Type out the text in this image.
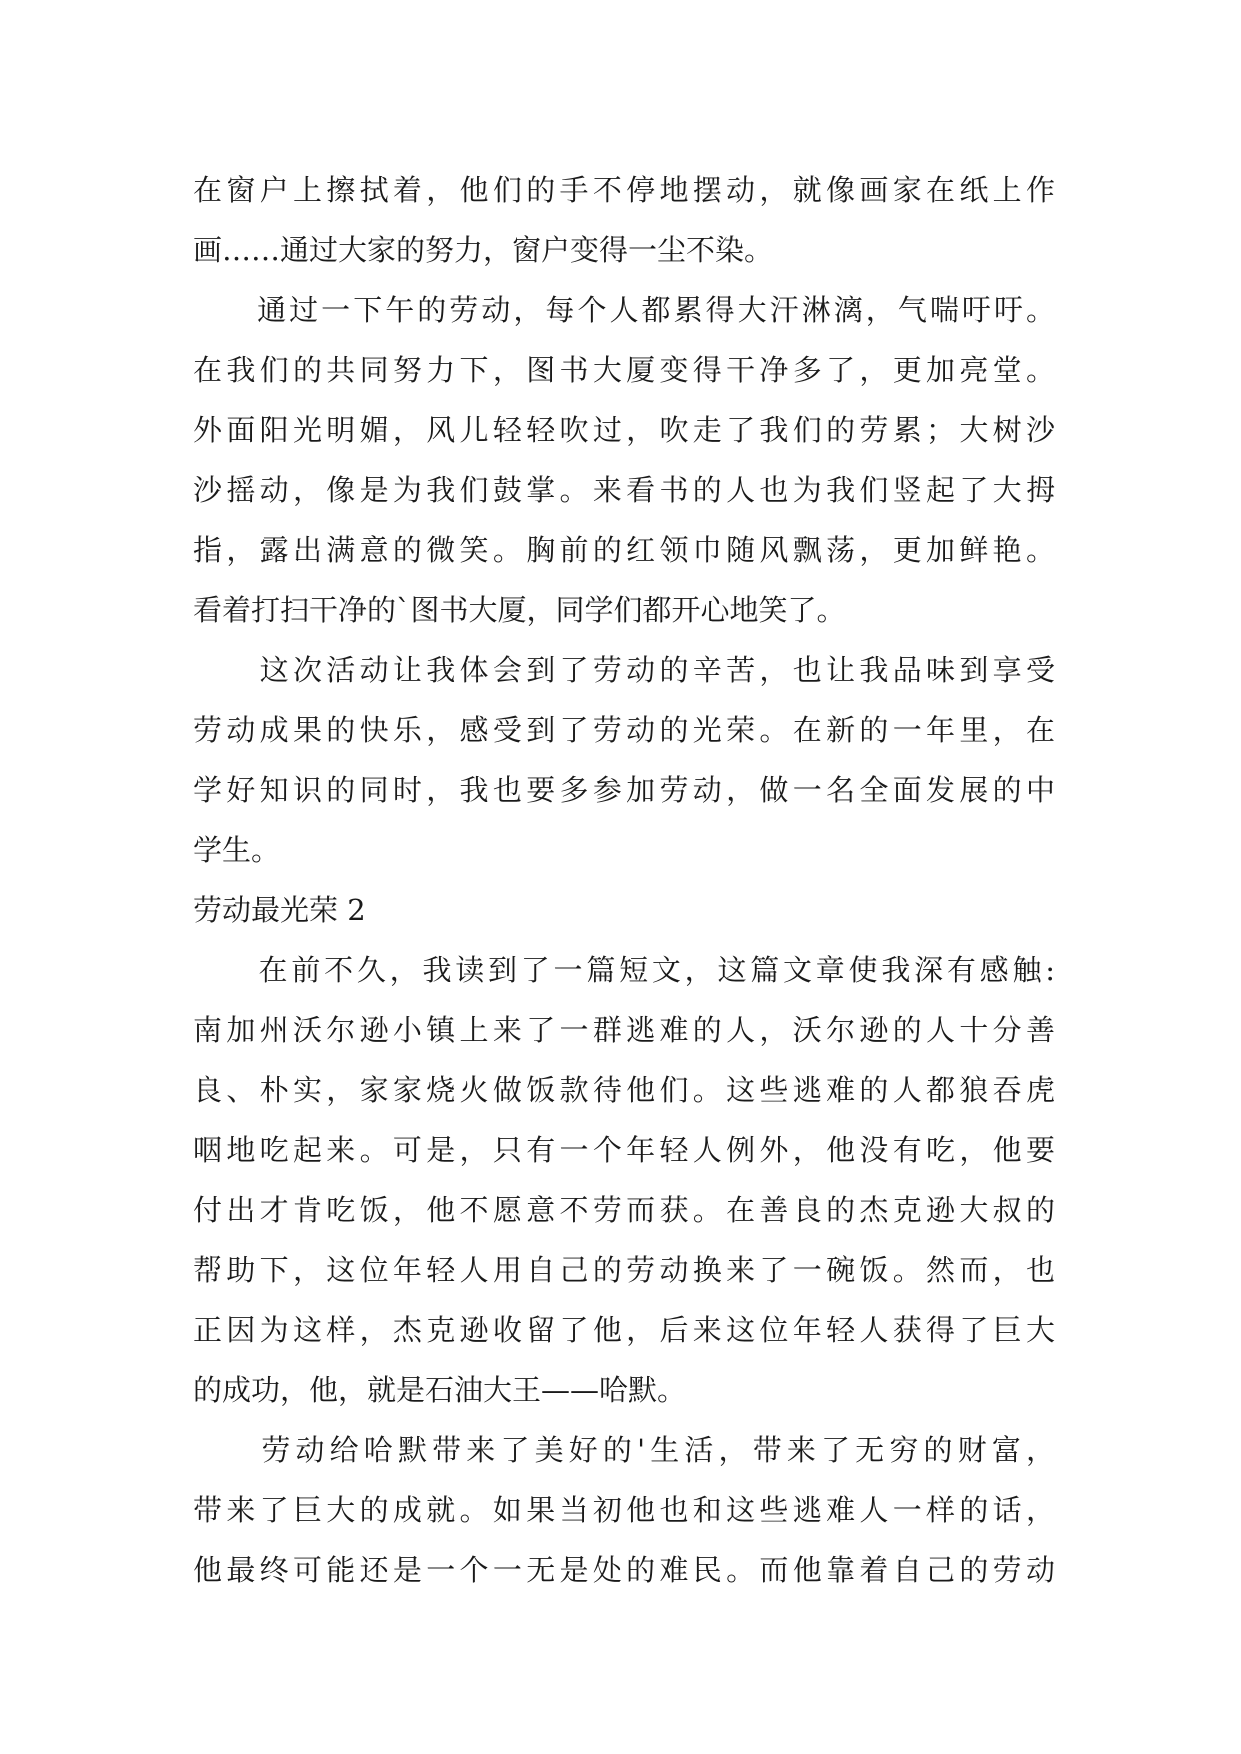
在窗户上擦拭着，他们的手不停地摆动，就像画家在纸上作
画……通过大家的努力，窗户变得一尘不染。
　　通过一下午的劳动，每个人都累得大汗淋漓，气喘吁吁。
在我们的共同努力下，图书大厦变得干净多了，更加亮堂。
外面阳光明媚，风儿轻轻吹过，吹走了我们的劳累；大树沙
沙摇动，像是为我们鼓掌。来看书的人也为我们竖起了大拇
指，露出满意的微笑。胸前的红领巾随风飘荡，更加鲜艳。
看着打扫干净的`图书大厦，同学们都开心地笑了。
　　这次活动让我体会到了劳动的辛苦，也让我品味到享受
劳动成果的快乐，感受到了劳动的光荣。在新的一年里，在
学好知识的同时，我也要多参加劳动，做一名全面发展的中
学生。
劳动最光荣 2
　　在前不久，我读到了一篇短文，这篇文章使我深有感触:
南加州沃尔逊小镇上来了一群逃难的人，沃尔逊的人十分善
良、朴实，家家烧火做饭款待他们。这些逃难的人都狼吞虎
咽地吃起来。可是，只有一个年轻人例外，他没有吃，他要
付出才肯吃饭，他不愿意不劳而获。在善良的杰克逊大叔的
帮助下，这位年轻人用自己的劳动换来了一碗饭。然而，也
正因为这样，杰克逊收留了他，后来这位年轻人获得了巨大
的成功，他，就是石油大王——哈默。
　　劳动给哈默带来了美好的'生活，带来了无穷的财富，
带来了巨大的成就。如果当初他也和这些逃难人一样的话，
他最终可能还是一个一无是处的难民。而他靠着自己的劳动
